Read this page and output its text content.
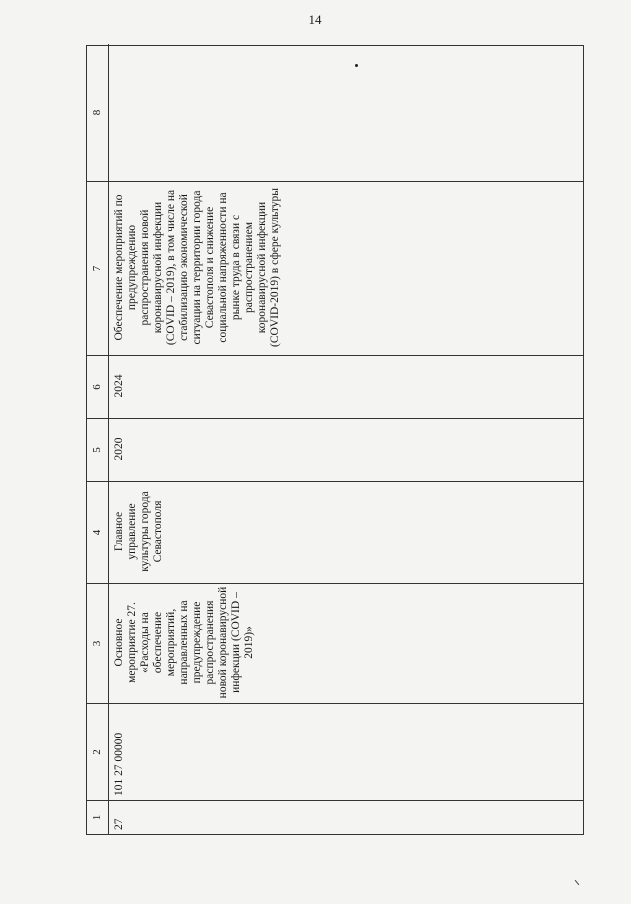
14
1
2
3
4
5
6
7
8
27
101 27 00000
Основное мероприятие 27. «Расходы на обеспечение мероприятий, направленных на предупреждение распространения новой коронавирусной инфекции (COVID – 2019)»
Главное управление культуры города Севастополя
2020
2024
Обеспечение мероприятий по предупреждению распространения новой коронавирусной инфекции (COVID – 2019), в том числе на стабилизацию экономической ситуации на территории города Севастополя и снижение социальной напряженности на рынке труда в связи с распространением коронавирусной инфекции (COVID-2019) в сфере культуры
